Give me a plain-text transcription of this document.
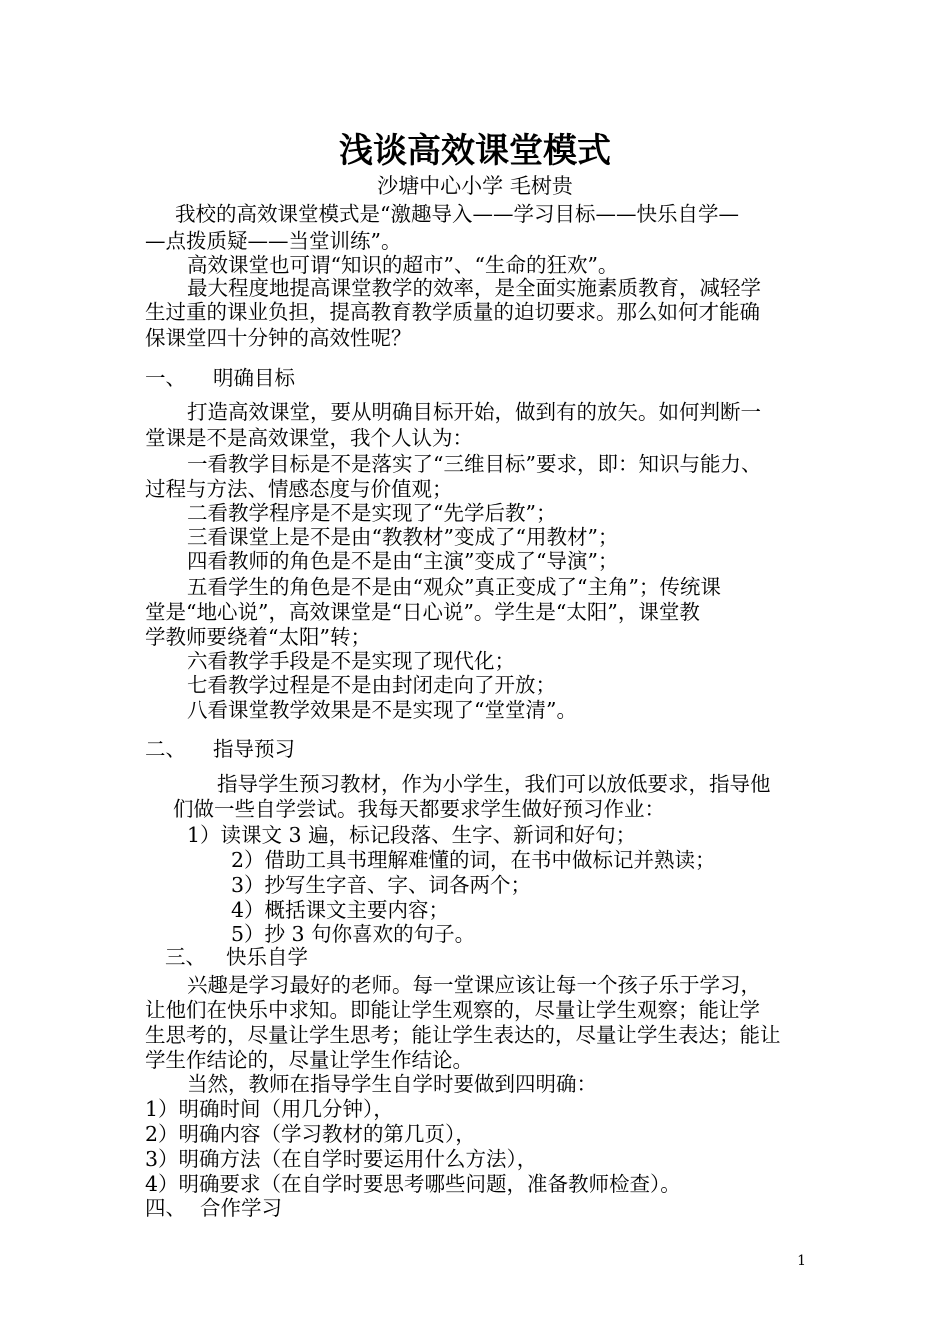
浅谈高效课堂模式
沙塘中心小学 毛树贵
我校的高效课堂模式是“激趣导入——学习目标——快乐自学—
—点拨质疑——当堂训练”。
高效课堂也可谓“知识的超市”、“生命的狂欢”。
最大程度地提高课堂教学的效率，是全面实施素质教育，减轻学
生过重的课业负担，提高教育教学质量的迫切要求。那么如何才能确
保课堂四十分钟的高效性呢？
一、 明确目标
打造高效课堂，要从明确目标开始，做到有的放矢。如何判断一
堂课是不是高效课堂，我个人认为：
一看教学目标是不是落实了“三维目标”要求，即：知识与能力、
过程与方法、情感态度与价值观；
二看教学程序是不是实现了“先学后教”；
三看课堂上是不是由“教教材”变成了“用教材”；
四看教师的角色是不是由“主演”变成了“导演”；
五看学生的角色是不是由“观众”真正变成了“主角”；传统课
堂是“地心说”，高效课堂是“日心说”。学生是“太阳”，课堂教
学教师要绕着“太阳”转；
六看教学手段是不是实现了现代化；
七看教学过程是不是由封闭走向了开放；
八看课堂教学效果是不是实现了“堂堂清”。
二、 指导预习
指导学生预习教材，作为小学生，我们可以放低要求，指导他
们做一些自学尝试。我每天都要求学生做好预习作业：
1）读课文 3 遍，标记段落、生字、新词和好句；
2）借助工具书理解难懂的词，在书中做标记并熟读；
3）抄写生字音、字、词各两个；
4）概括课文主要内容；
5）抄 3 句你喜欢的句子。
三、 快乐自学
兴趣是学习最好的老师。每一堂课应该让每一个孩子乐于学习，
让他们在快乐中求知。即能让学生观察的，尽量让学生观察；能让学
生思考的，尽量让学生思考；能让学生表达的，尽量让学生表达；能让
学生作结论的，尽量让学生作结论。
当然，教师在指导学生自学时要做到四明确：
1）明确时间（用几分钟），
2）明确内容（学习教材的第几页），
3）明确方法（在自学时要运用什么方法），
4）明确要求（在自学时要思考哪些问题，准备教师检查）。
四、 合作学习
1
